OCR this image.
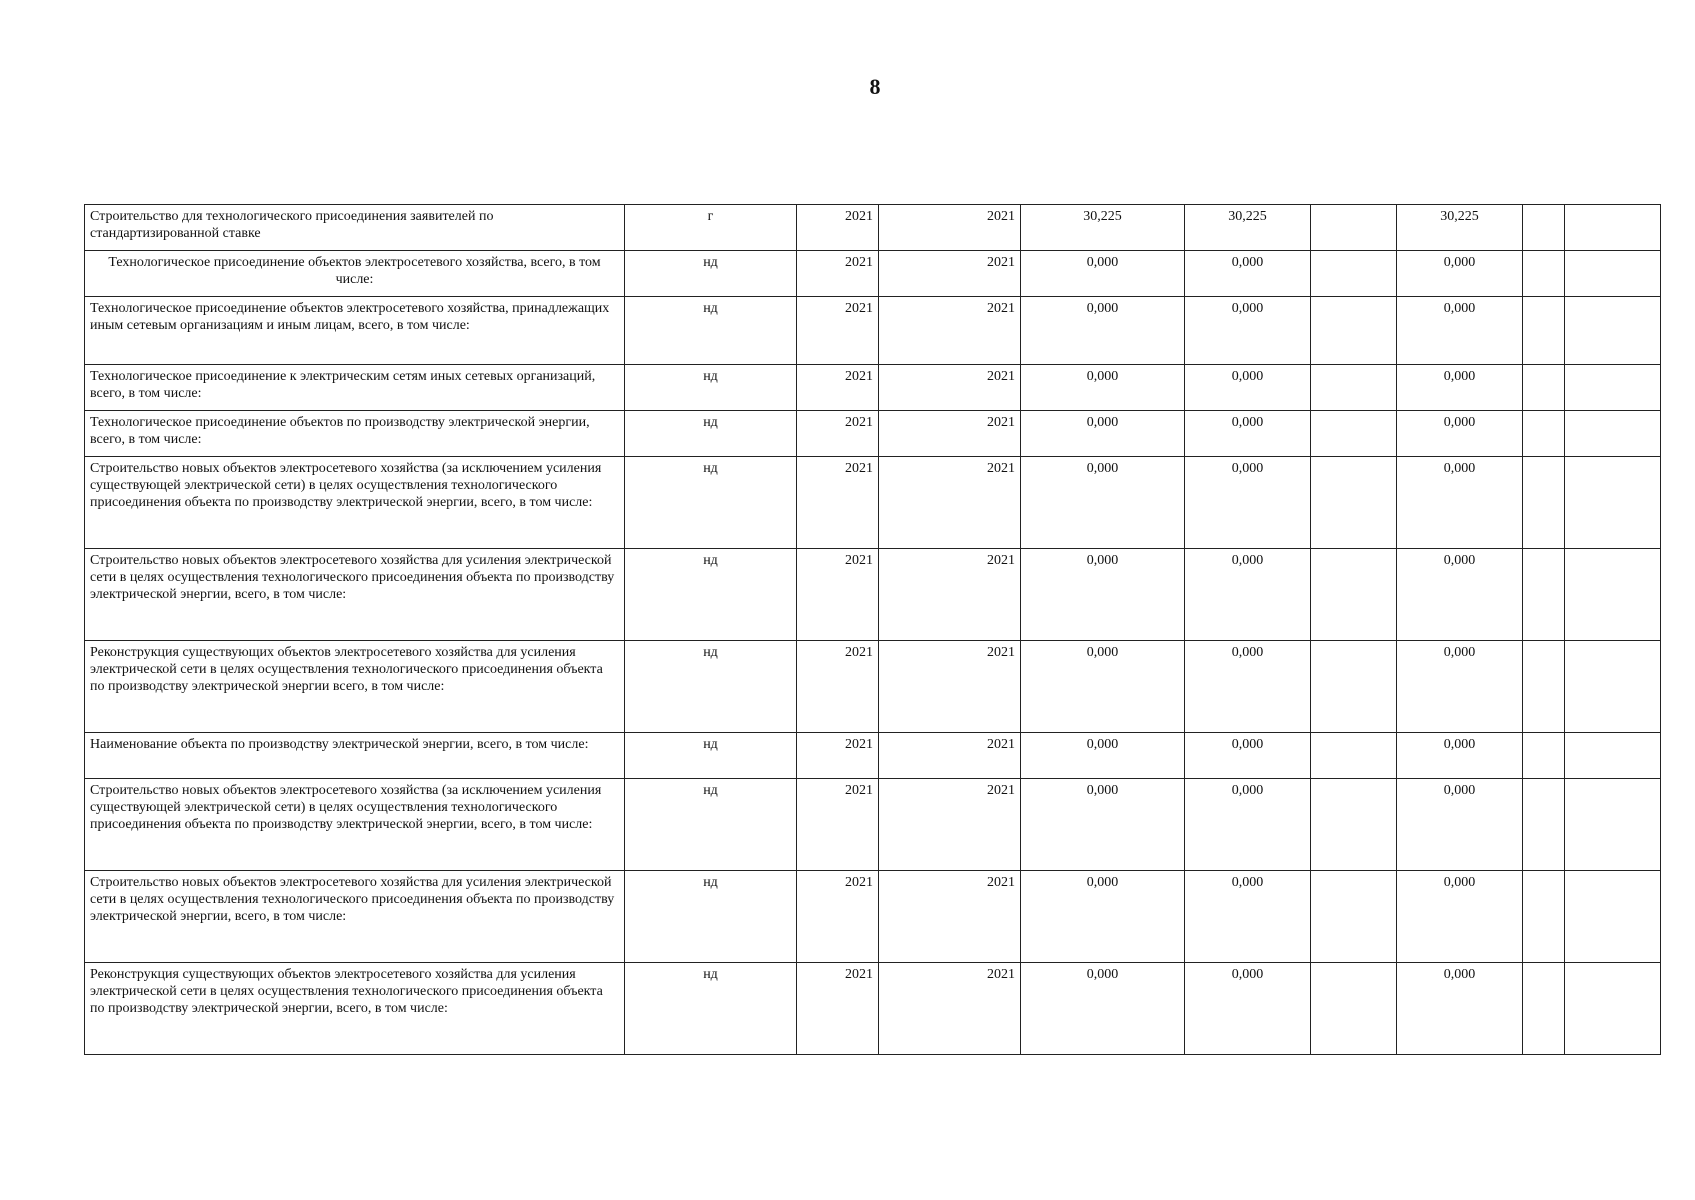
8
Строительство для технологического присоединения заявителей по стандартизированной ставке	г	2021	2021	30,225	30,225		30,225		
Технологическое присоединение объектов электросетевого хозяйства, всего, в том числе:	нд	2021	2021	0,000	0,000		0,000		
Технологическое присоединение объектов электросетевого хозяйства, принадлежащих иным сетевым организациям и иным лицам, всего, в том числе:	нд	2021	2021	0,000	0,000		0,000		
Технологическое присоединение к электрическим сетям иных сетевых организаций, всего, в том числе:	нд	2021	2021	0,000	0,000		0,000		
Технологическое присоединение объектов по производству электрической энергии, всего, в том числе:	нд	2021	2021	0,000	0,000		0,000		
Строительство новых объектов электросетевого хозяйства (за исключением усиления существующей электрической сети) в целях осуществления технологического присоединения объекта по производству электрической энергии, всего, в том числе:	нд	2021	2021	0,000	0,000		0,000		
Строительство новых объектов электросетевого хозяйства для усиления электрической сети в целях осуществления технологического присоединения объекта по производству электрической энергии, всего, в том числе:	нд	2021	2021	0,000	0,000		0,000		
Реконструкция существующих объектов электросетевого хозяйства для усиления электрической сети в целях осуществления технологического присоединения объекта по производству электрической энергии всего, в том числе:	нд	2021	2021	0,000	0,000		0,000		
Наименование объекта по производству электрической энергии, всего, в том числе:	нд	2021	2021	0,000	0,000		0,000		
Строительство новых объектов электросетевого хозяйства (за исключением усиления существующей электрической сети) в целях осуществления технологического присоединения объекта по производству электрической энергии, всего, в том числе:	нд	2021	2021	0,000	0,000		0,000		
Строительство новых объектов электросетевого хозяйства для усиления электрической сети в целях осуществления технологического присоединения объекта по производству электрической энергии, всего, в том числе:	нд	2021	2021	0,000	0,000		0,000		
Реконструкция существующих объектов электросетевого хозяйства для усиления электрической сети в целях осуществления технологического присоединения объекта по производству электрической энергии, всего, в том числе:	нд	2021	2021	0,000	0,000		0,000		
